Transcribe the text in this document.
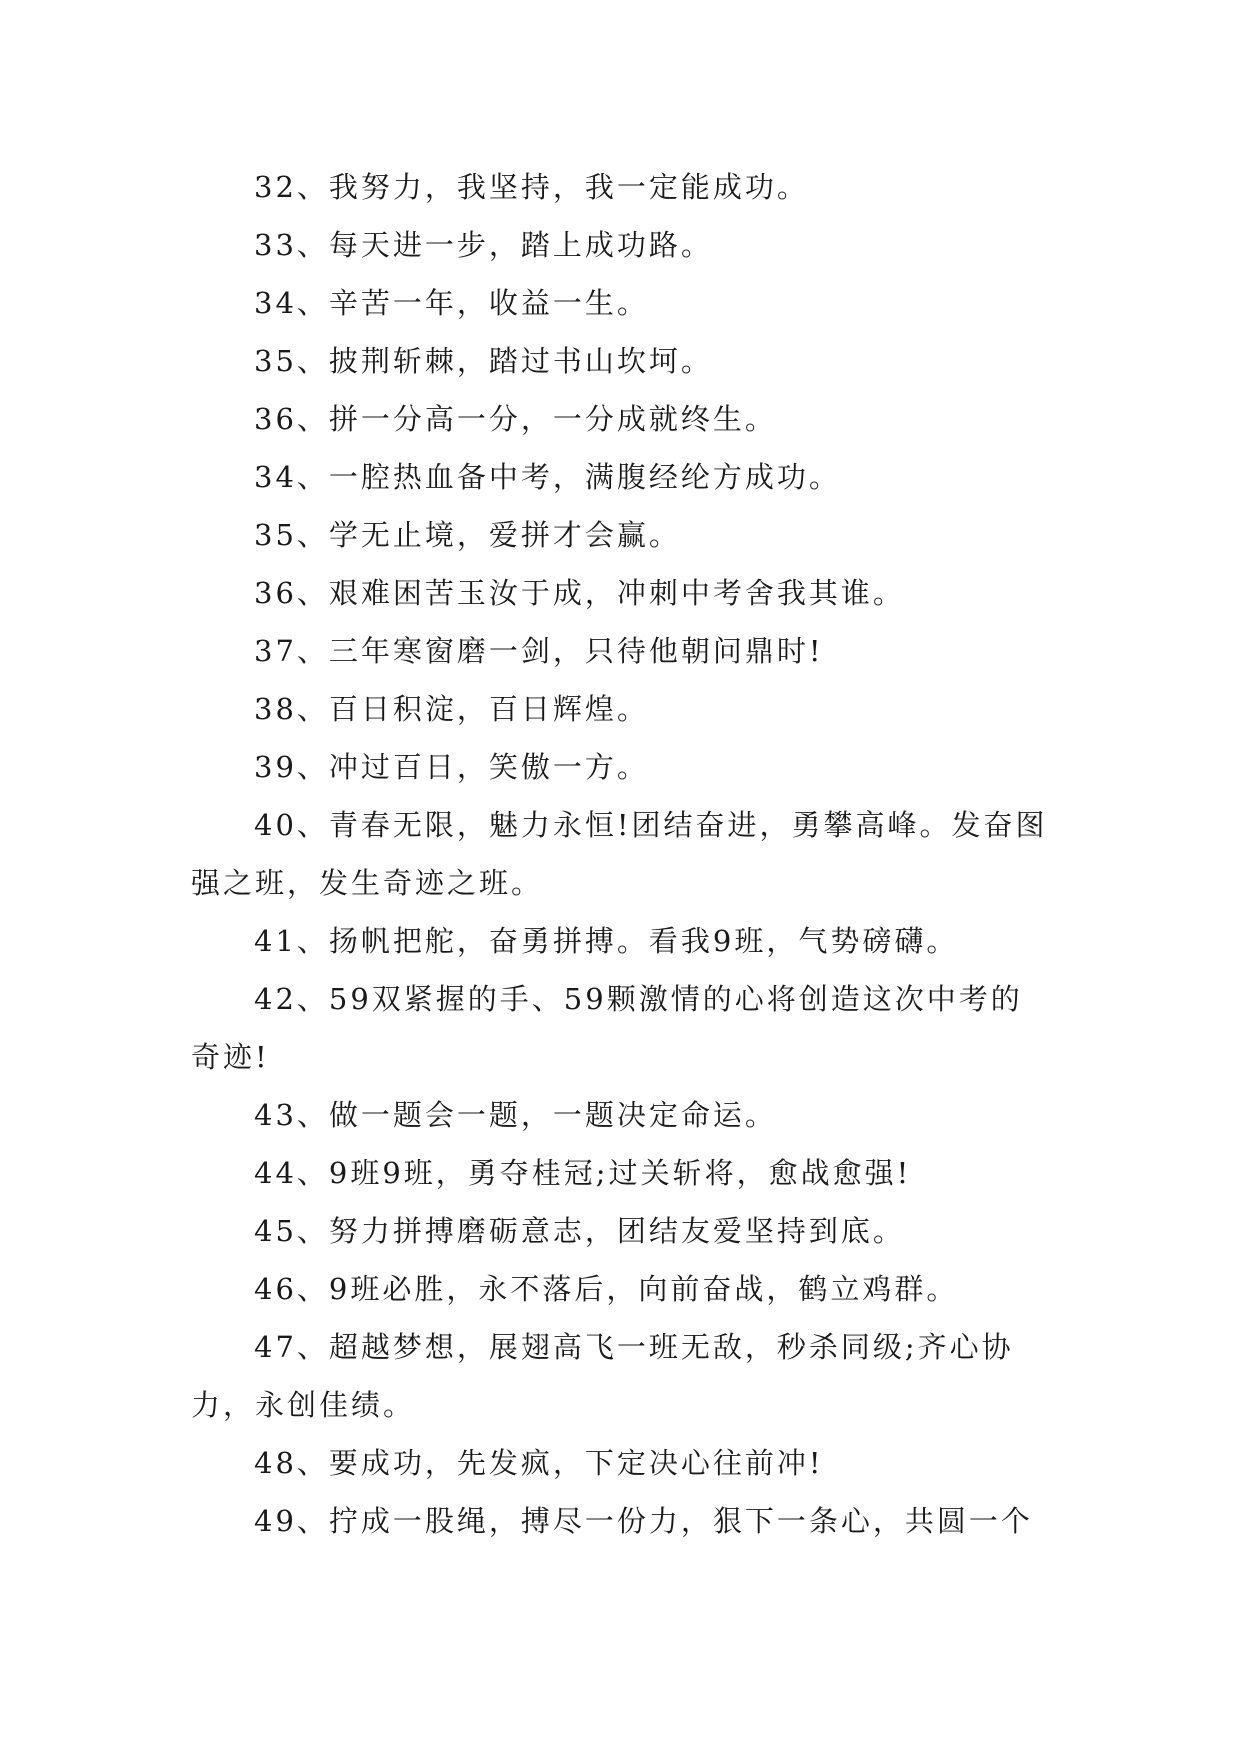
32、我努力，我坚持，我一定能成功。

33、每天进一步，踏上成功路。

34、辛苦一年，收益一生。

35、披荆斩棘，踏过书山坎坷。

36、拼一分高一分，一分成就终生。

34、一腔热血备中考，满腹经纶方成功。

35、学无止境，爱拼才会赢。

36、艰难困苦玉汝于成，冲刺中考舍我其谁。

37、三年寒窗磨一剑，只待他朝问鼎时!

38、百日积淀，百日辉煌。

39、冲过百日，笑傲一方。

40、青春无限，魅力永恒!团结奋进，勇攀高峰。发奋图强之班，发生奇迹之班。

41、扬帆把舵，奋勇拼搏。看我9班，气势磅礴。

42、59双紧握的手、59颗激情的心将创造这次中考的奇迹!

43、做一题会一题，一题决定命运。

44、9班9班，勇夺桂冠;过关斩将，愈战愈强!

45、努力拼搏磨砺意志，团结友爱坚持到底。

46、9班必胜，永不落后，向前奋战，鹤立鸡群。

47、超越梦想，展翅高飞一班无敌，秒杀同级;齐心协力，永创佳绩。

48、要成功，先发疯，下定决心往前冲!

49、拧成一股绳，搏尽一份力，狠下一条心，共圆一个
